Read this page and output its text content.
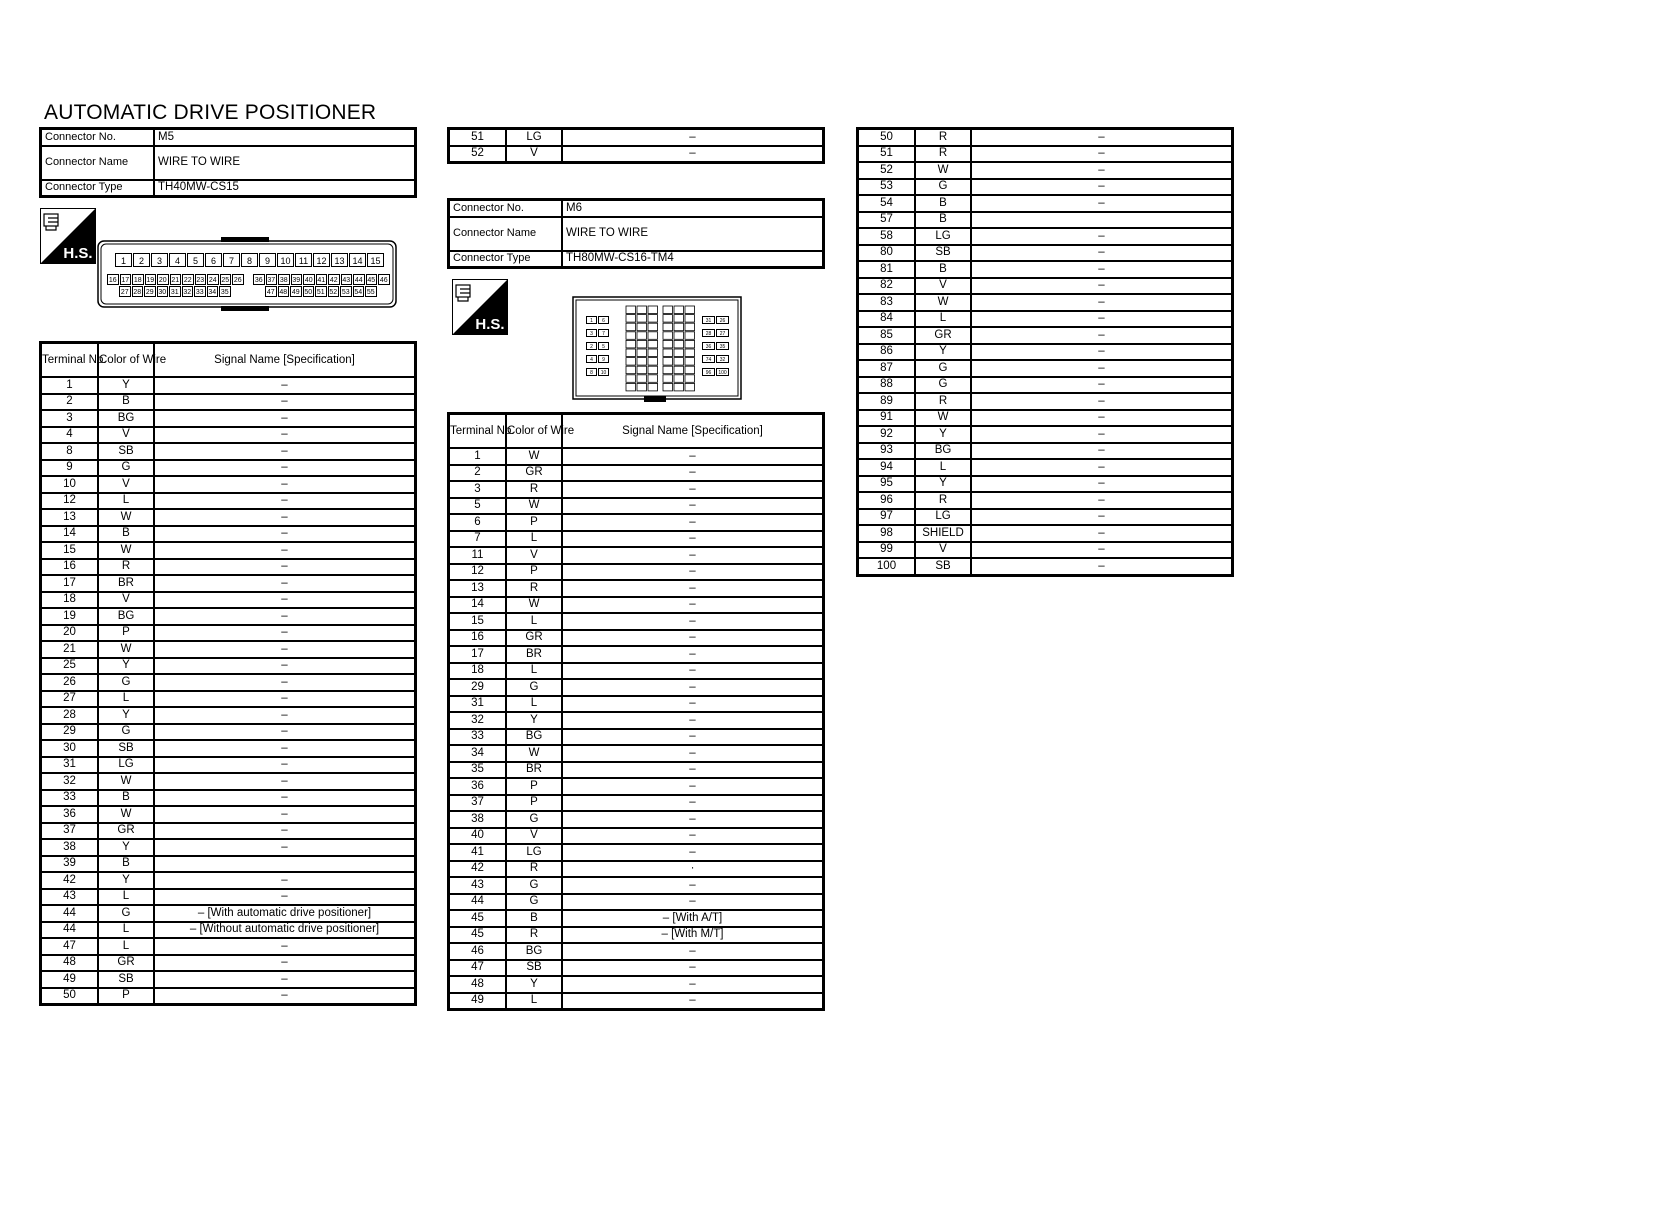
AUTOMATIC DRIVE POSITIONER
Connector No.	M5
Connector Name	WIRE TO WIRE
Connector Type	TH40MW-CS15
H.S.	1	2	3	4	5	6	7	8	9	10 11 12 13 14 15
16 17 18 19 20 21 22 23 24 25 26 36 37 38 39 40 41 42 43 44 45 46
27 28 29 30 31 32 33 34 35	47 48 49 50 51 52 53 54 55
Terminal No.	Color of Wire	Signal Name [Specification]
1	Y	–
2	B	–
3	BG	–
4	V	–
8	SB	–
9	G	–
10	V	–
12	L	–
13	W	–
14	B	–
15	W	–
16	R	–
17	BR	–
18	V	–
19	BG	–
20	P	–
21	W	–
25	Y	–
26	G	–
27	L	–
28	Y	–
29	G	–
30	SB	–
31	LG	–
32	W	–
33	B	–
36	W	–
37	GR	–
38	Y	–
39	B	
42	Y	–
43	L	–
44	G	– [With automatic drive positioner]
44	L	– [Without automatic drive positioner]
47	L	–
48	GR	–
49	SB	–
50	P	–
51	LG	–
52	V	–
Connector No.	M6
Connector Name	WIRE TO WIRE
Connector Type	TH80MW-CS16-TM4
H.S.	1	6
3	7
2	5
4	9
8	10
31	26
28	27
36	35
74	32
96	100
Terminal No.	Color of Wire	Signal Name [Specification]
1	W	–
2	GR	–
3	R	–
5	W	–
6	P	–
7	L	–
11	V	–
12	P	–
13	R	–
14	W	–
15	L	–
16	GR	–
17	BR	–
18	L	–
29	G	–
31	L	–
32	Y	–
33	BG	–
34	W	–
35	BR	–
36	P	–
37	P	–
38	G	–
40	V	–
41	LG	–
42	R	·
43	G	–
44	G	–
45	B	– [With A/T]
45	R	– [With M/T]
46	BG	–
47	SB	–
48	Y	–
49	L	–
50	R	–
51	R	–
52	W	–
53	G	–
54	B	–
57	B	
58	LG	–
80	SB	–
81	B	–
82	V	–
83	W	–
84	L	–
85	GR	–
86	Y	–
87	G	–
88	G	–
89	R	–
91	W	–
92	Y	–
93	BG	–
94	L	–
95	Y	–
96	R	–
97	LG	–
98	SHIELD	–
99	V	–
100	SB	–
